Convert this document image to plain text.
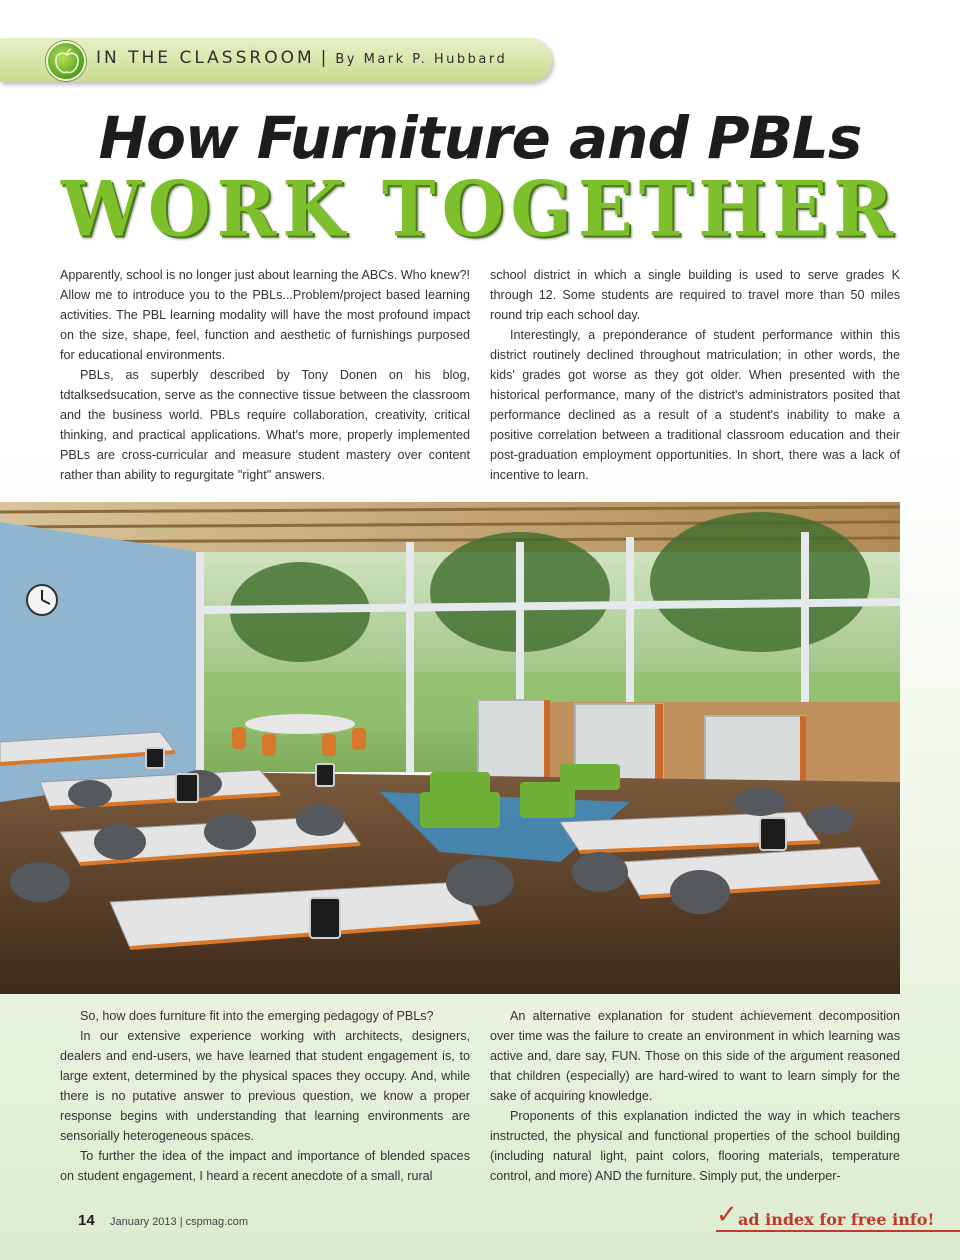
IN THE CLASSROOM | By Mark P. Hubbard
How Furniture and PBLs
WORK TOGETHER

Apparently, school is no longer just about learning the ABCs. Who knew?! Allow me to introduce you to the PBLs...Problem/project based learning activities. The PBL learning modality will have the most profound impact on the size, shape, feel, function and aesthetic of furnishings purposed for educational environments.

PBLs, as superbly described by Tony Donen on his blog, tdtalksedsucation, serve as the connective tissue between the classroom and the business world. PBLs require collaboration, creativity, critical thinking, and practical applications. What's more, properly implemented PBLs are cross-curricular and measure student mastery over content rather than ability to regurgitate "right" answers.

school district in which a single building is used to serve grades K through 12. Some students are required to travel more than 50 miles round trip each school day.

Interestingly, a preponderance of student performance within this district routinely declined throughout matriculation; in other words, the kids' grades got worse as they got older. When presented with the historical performance, many of the district's administrators posited that performance declined as a result of a student's inability to make a positive correlation between a traditional classroom education and their post-graduation employment opportunities. In short, there was a lack of incentive to learn.

So, how does furniture fit into the emerging pedagogy of PBLs?

In our extensive experience working with architects, designers, dealers and end-users, we have learned that student engagement is, to large extent, determined by the physical spaces they occupy. And, while there is no putative answer to previous question, we know a proper response begins with understanding that learning environments are sensorially heterogeneous spaces.

To further the idea of the impact and importance of blended spaces on student engagement, I heard a recent anecdote of a small, rural

An alternative explanation for student achievement decomposition over time was the failure to create an environment in which learning was active and, dare say, FUN. Those on this side of the argument reasoned that children (especially) are hard-wired to want to learn simply for the sake of acquiring knowledge.

Proponents of this explanation indicted the way in which teachers instructed, the physical and functional properties of the school building (including natural light, paint colors, flooring materials, temperature control, and more) AND the furniture. Simply put, the underper-

14 January 2013 | cspmag.com	✓ ad index for free info!
